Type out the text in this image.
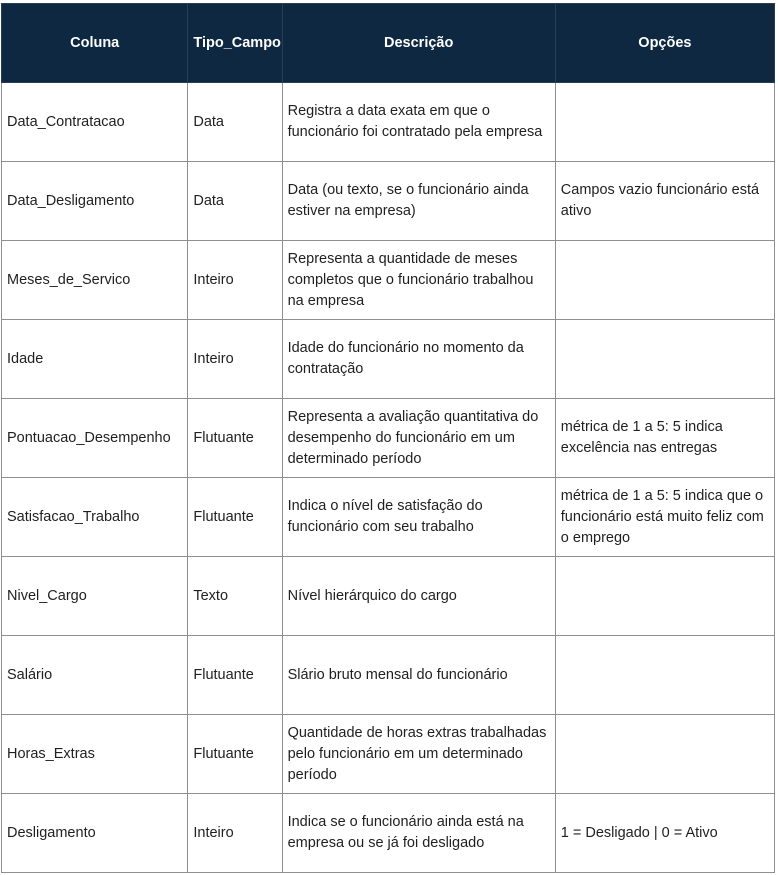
Coluna	Tipo_Campo	Descrição	Opções
Data_Contratacao	Data	Registra a data exata em que o funcionário foi contratado pela empresa	
Data_Desligamento	Data	Data (ou texto, se o funcionário ainda estiver na empresa)	Campos vazio funcionário está ativo
Meses_de_Servico	Inteiro	Representa a quantidade de meses completos que o funcionário trabalhou na empresa	
Idade	Inteiro	Idade do funcionário no momento da contratação	
Pontuacao_Desempenho	Flutuante	Representa a avaliação quantitativa do desempenho do funcionário em um determinado período	métrica de 1 a 5: 5 indica excelência nas entregas
Satisfacao_Trabalho	Flutuante	Indica o nível de satisfação do funcionário com seu trabalho	métrica de 1 a 5: 5 indica que o funcionário está muito feliz com o emprego
Nivel_Cargo	Texto	Nível hierárquico do cargo	
Salário	Flutuante	Slário bruto mensal do funcionário	
Horas_Extras	Flutuante	Quantidade de horas extras trabalhadas pelo funcionário em um determinado período	
Desligamento	Inteiro	Indica se o funcionário ainda está na empresa ou se já foi desligado	1 = Desligado | 0 = Ativo
